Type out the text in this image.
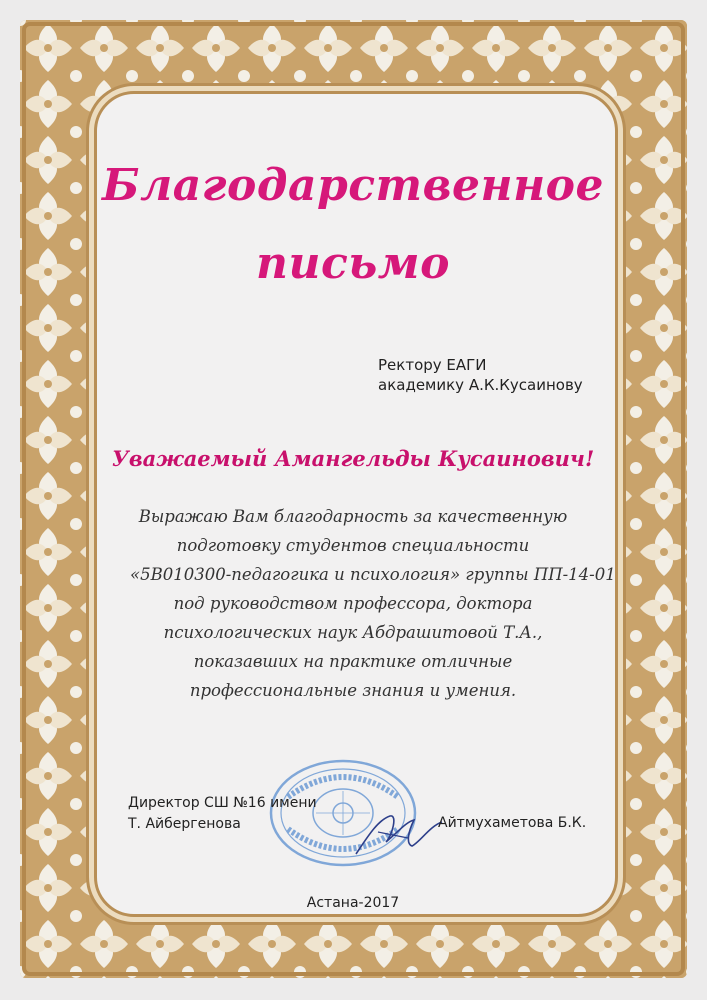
Благодарственное
письмо
Ректору ЕАГИ
академику А.К.Кусаинову
Уважаемый Амангельды Кусаинович!
Выражаю Вам благодарность за качественную
подготовку студентов специальности
«5В010300-педагогика и психология» группы ПП-14-01
под руководством профессора, доктора
психологических наук Абдрашитовой Т.А.,
показавших на практике отличные
профессиональные знания и умения.
Директор СШ №16 имени
Т. Айбергенова	Айтмухаметова Б.К.
Астана-2017
